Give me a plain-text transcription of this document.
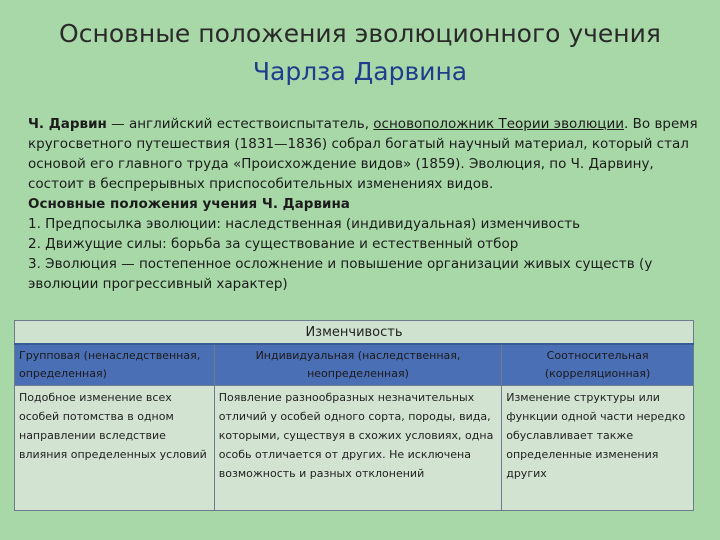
Основные положения эволюционного учения
Чарлза Дарвина

Ч. Дарвин — английский естествоиспытатель, основоположник Теории эволюции. Во время кругосветного путешествия (1831—1836) собрал богатый научный материал, который стал основой его главного труда «Происхождение видов» (1859). Эволюция, по Ч. Дарвину, состоит в беспрерывных приспособительных изменениях видов.

Основные положения учения Ч. Дарвина

1. Предпосылка эволюции: наследственная (индивидуальная) изменчивость

2. Движущие силы: борьба за существование и естественный отбор

3. Эволюция — постепенное осложнение и повышение организации живых существ (у эволюции прогрессивный характер)

Изменчивость		
Групповая (ненаследственная, определенная)	Индивидуальная (наследственная, неопределенная)	Соотносительная (корреляционная)
Подобное изменение всех особей потомства в одном направлении вследствие влияния определенных условий	Появление разнообразных незначительных отличий у особей одного сорта, породы, вида, которыми, существуя в схожих условиях, одна особь отличается от других. Не исключена возможность и разных отклонений	Изменение структуры или функции одной части нередко обуславливает также определенные изменения других
